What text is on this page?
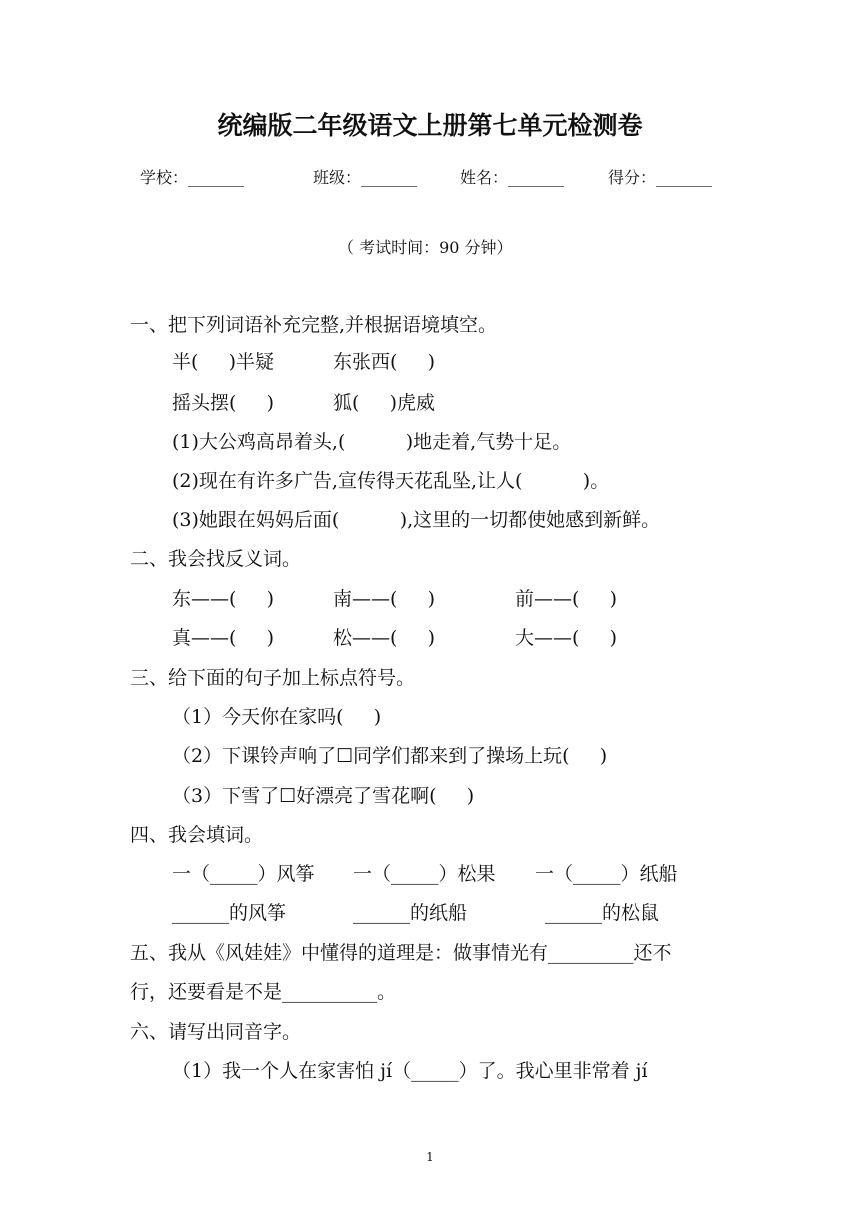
统编版二年级语文上册第七单元检测卷
学校：_______	班级：_______	姓名：_______	得分：_______
（ 考试时间：90 分钟）
一、把下列词语补充完整,并根据语境填空。
半(     )半疑	东张西(     )
摇头摆(     )	狐(     )虎威
(1)大公鸡高昂着头,(          )地走着,气势十足。
(2)现在有许多广告,宣传得天花乱坠,让人(          )。
(3)她跟在妈妈后面(          ),这里的一切都使她感到新鲜。
二、我会找反义词。
东——(     )	南——(     )	前——(     )
真——(     )	松——(     )	大——(     )
三、给下面的句子加上标点符号。
（1）今天你在家吗(     )
（2）下课铃声响了☐同学们都来到了操场上玩(     )
（3）下雪了☐好漂亮了雪花啊(     )
四、我会填词。
一（_____）风筝 一（_____）松果 一（_____）纸船
______的风筝	______的纸船	______的松鼠
五、我从《风娃娃》中懂得的道理是：做事情光有_________还不
行，还要看是不是__________。
六、请写出同音字。
（1）我一个人在家害怕 jí（_____）了。我心里非常着 jí
1
